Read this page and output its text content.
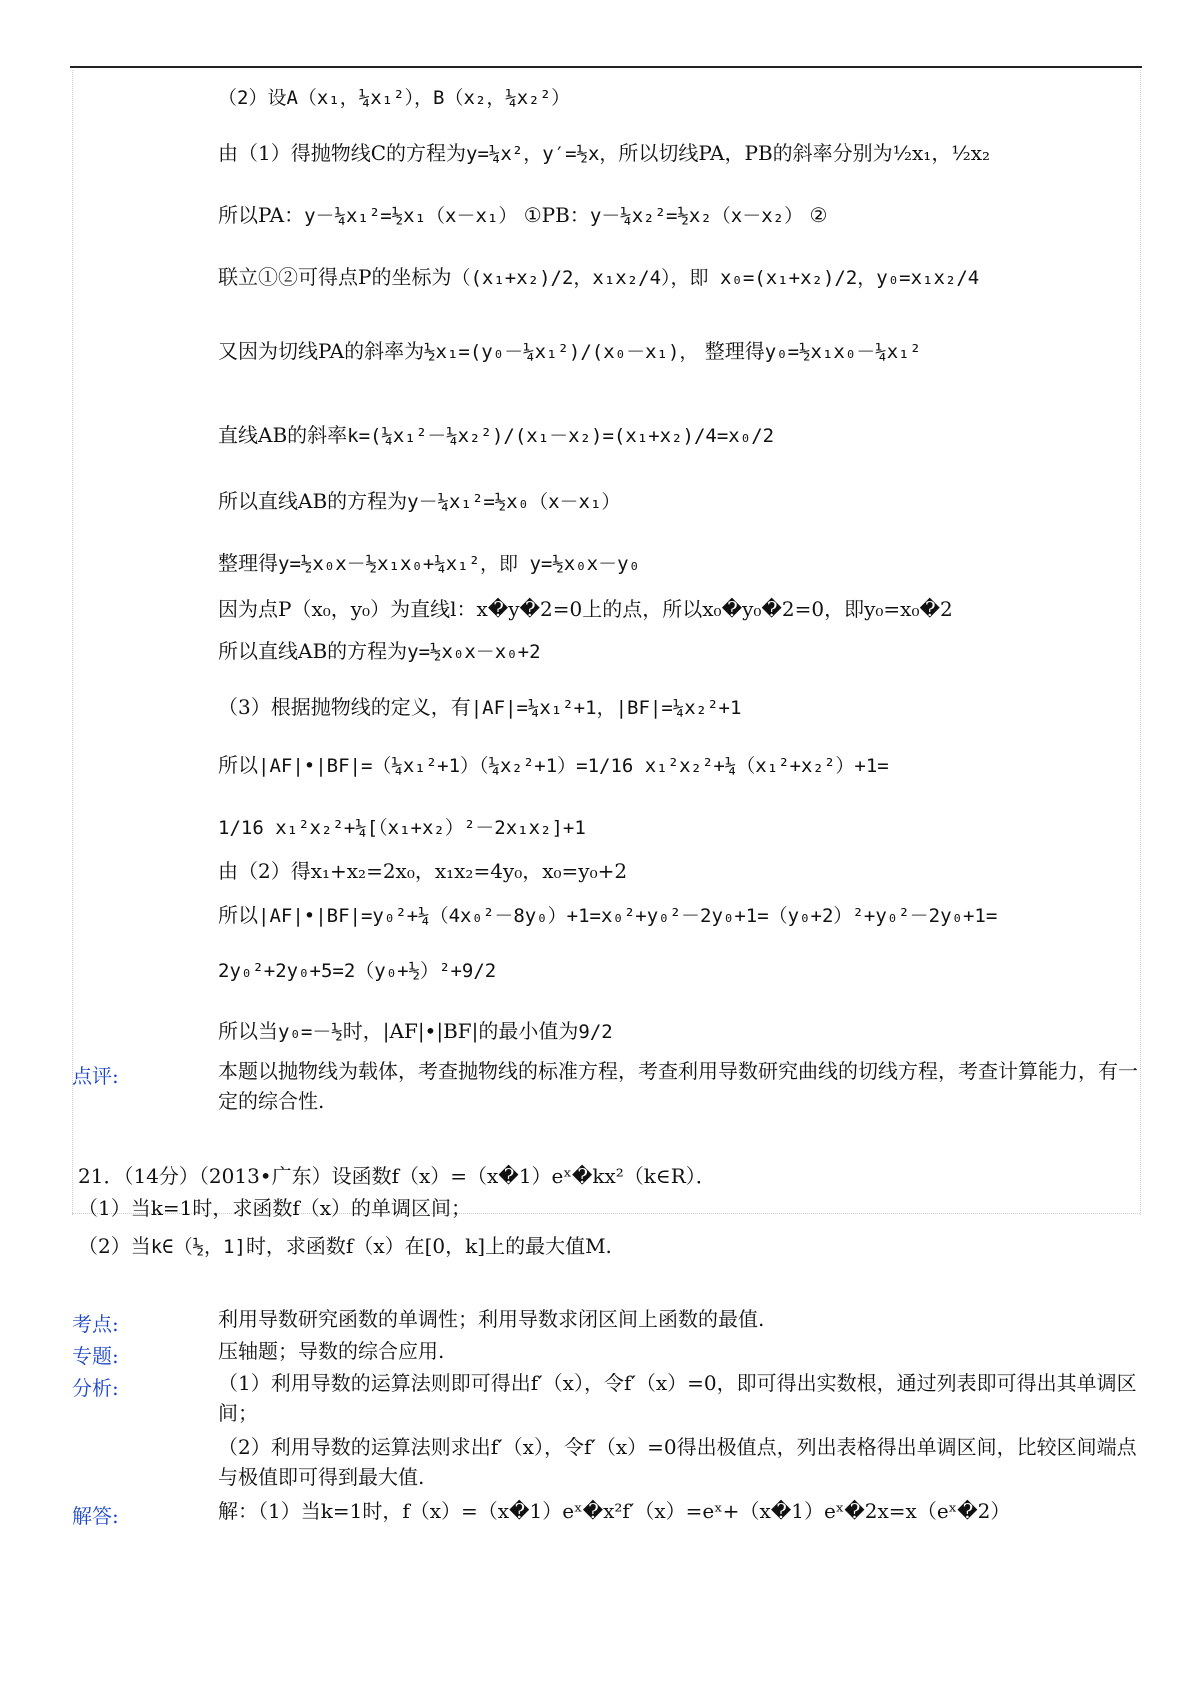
（2）设A（x₁，¼x₁²），B（x₂，¼x₂²）
由（1）得抛物线C的方程为y=¼x²，y′=½x，所以切线PA，PB的斜率分别为½x₁，½x₂
所以PA：y－¼x₁²=½x₁（x－x₁） ①PB：y－¼x₂²=½x₂（x－x₂） ②
联立①②可得点P的坐标为（(x₁+x₂)/2，x₁x₂/4），即 x₀=(x₁+x₂)/2，y₀=x₁x₂/4
又因为切线PA的斜率为½x₁=(y₀－¼x₁²)/(x₀－x₁)， 整理得y₀=½x₁x₀－¼x₁²
直线AB的斜率k=(¼x₁²－¼x₂²)/(x₁－x₂)=(x₁+x₂)/4=x₀/2
所以直线AB的方程为y－¼x₁²=½x₀（x－x₁）
整理得y=½x₀x－½x₁x₀+¼x₁²，即 y=½x₀x－y₀
因为点P（x₀，y₀）为直线l：x�y�2=0上的点，所以x₀�y₀�2=0，即y₀=x₀�2
所以直线AB的方程为y=½x₀x－x₀+2
（3）根据抛物线的定义，有|AF|=¼x₁²+1，|BF|=¼x₂²+1
所以|AF|•|BF|=（¼x₁²+1）（¼x₂²+1）=1/16 x₁²x₂²+¼（x₁²+x₂²）+1=
1/16 x₁²x₂²+¼[（x₁+x₂）²－2x₁x₂]+1
由（2）得x₁+x₂=2x₀，x₁x₂=4y₀，x₀=y₀+2
所以|AF|•|BF|=y₀²+¼（4x₀²－8y₀）+1=x₀²+y₀²－2y₀+1=（y₀+2）²+y₀²－2y₀+1=
2y₀²+2y₀+5=2（y₀+½）²+9/2
所以当y₀=－½时，|AF|•|BF|的最小值为9/2
点评:	本题以抛物线为载体，考查抛物线的标准方程，考查利用导数研究曲线的切线方程，考查计算能力，有一定的综合性.
21．（14分）（2013•广东）设函数f（x）=（x�1）eˣ�kx²（k∈R）．
（1）当k=1时，求函数f（x）的单调区间；
（2）当k∈（½，1]时，求函数f（x）在[0，k]上的最大值M.
考点:	利用导数研究函数的单调性；利用导数求闭区间上函数的最值.
专题:	压轴题；导数的综合应用.
分析:	（1）利用导数的运算法则即可得出f′（x），令f′（x）=0，即可得出实数根，通过列表即可得出其单调区间；
（2）利用导数的运算法则求出f′（x），令f′（x）=0得出极值点，列出表格得出单调区间，比较区间端点与极值即可得到最大值.
解答:	解：（1）当k=1时，f（x）=（x�1）eˣ�x²f′（x）=eˣ+（x�1）eˣ�2x=x（eˣ�2）
